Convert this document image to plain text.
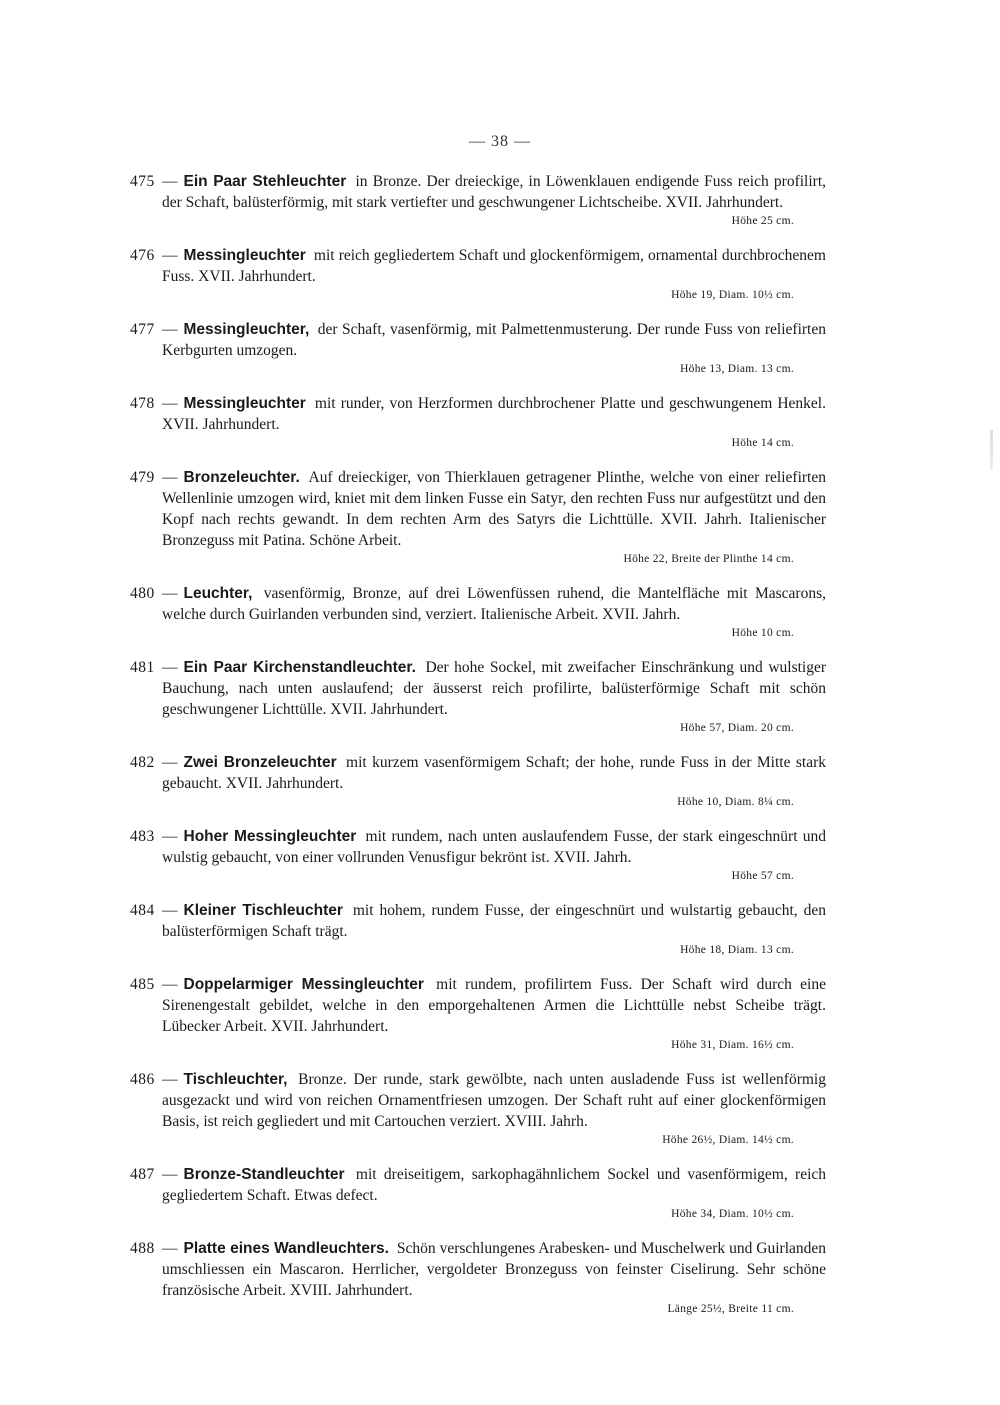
— 38 —
475 — Ein Paar Stehleuchter in Bronze. Der dreieckige, in Löwenklauen endigende Fuss reich profilirt, der Schaft, balüsterförmig, mit stark vertiefter und geschwungener Lichtscheibe. XVII. Jahrhundert.
Höhe 25 cm.
476 — Messingleuchter mit reich gegliedertem Schaft und glockenförmigem, ornamental durchbrochenem Fuss. XVII. Jahrhundert.
Höhe 19, Diam. 10½ cm.
477 — Messingleuchter, der Schaft, vasenförmig, mit Palmettenmusterung. Der runde Fuss von reliefirten Kerbgurten umzogen.
Höhe 13, Diam. 13 cm.
478 — Messingleuchter mit runder, von Herzformen durchbrochener Platte und geschwungenem Henkel. XVII. Jahrhundert.
Höhe 14 cm.
479 — Bronzeleuchter. Auf dreieckiger, von Thierklauen getragener Plinthe, welche von einer reliefirten Wellenlinie umzogen wird, kniet mit dem linken Fusse ein Satyr, den rechten Fuss nur aufgestützt und den Kopf nach rechts gewandt. In dem rechten Arm des Satyrs die Lichttülle. XVII. Jahrh. Italienischer Bronzeguss mit Patina. Schöne Arbeit.
Höhe 22, Breite der Plinthe 14 cm.
480 — Leuchter, vasenförmig, Bronze, auf drei Löwenfüssen ruhend, die Mantelfläche mit Mascarons, welche durch Guirlanden verbunden sind, verziert. Italienische Arbeit. XVII. Jahrh.
Höhe 10 cm.
481 — Ein Paar Kirchenstandleuchter. Der hohe Sockel, mit zweifacher Einschränkung und wulstiger Bauchung, nach unten auslaufend; der äusserst reich profilirte, balüsterförmige Schaft mit schön geschwungener Lichttülle. XVII. Jahrhundert.
Höhe 57, Diam. 20 cm.
482 — Zwei Bronzeleuchter mit kurzem vasenförmigem Schaft; der hohe, runde Fuss in der Mitte stark gebaucht. XVII. Jahrhundert.
Höhe 10, Diam. 8¼ cm.
483 — Hoher Messingleuchter mit rundem, nach unten auslaufendem Fusse, der stark eingeschnürt und wulstig gebaucht, von einer vollrunden Venusfigur bekrönt ist. XVII. Jahrh.
Höhe 57 cm.
484 — Kleiner Tischleuchter mit hohem, rundem Fusse, der eingeschnürt und wulstartig gebaucht, den balüsterförmigen Schaft trägt.
Höhe 18, Diam. 13 cm.
485 — Doppelarmiger Messingleuchter mit rundem, profilirtem Fuss. Der Schaft wird durch eine Sirenengestalt gebildet, welche in den emporgehaltenen Armen die Lichttülle nebst Scheibe trägt. Lübecker Arbeit. XVII. Jahrhundert.
Höhe 31, Diam. 16½ cm.
486 — Tischleuchter, Bronze. Der runde, stark gewölbte, nach unten ausladende Fuss ist wellenförmig ausgezackt und wird von reichen Ornamentfriesen umzogen. Der Schaft ruht auf einer glockenförmigen Basis, ist reich gegliedert und mit Cartouchen verziert. XVIII. Jahrh.
Höhe 26½, Diam. 14½ cm.
487 — Bronze-Standleuchter mit dreiseitigem, sarkophagähnlichem Sockel und vasenförmigem, reich gegliedertem Schaft. Etwas defect.
Höhe 34, Diam. 10½ cm.
488 — Platte eines Wandleuchters. Schön verschlungenes Arabesken- und Muschelwerk und Guirlanden umschliessen ein Mascaron. Herrlicher, vergoldeter Bronzeguss von feinster Ciselirung. Sehr schöne französische Arbeit. XVIII. Jahrhundert.
Länge 25½, Breite 11 cm.
